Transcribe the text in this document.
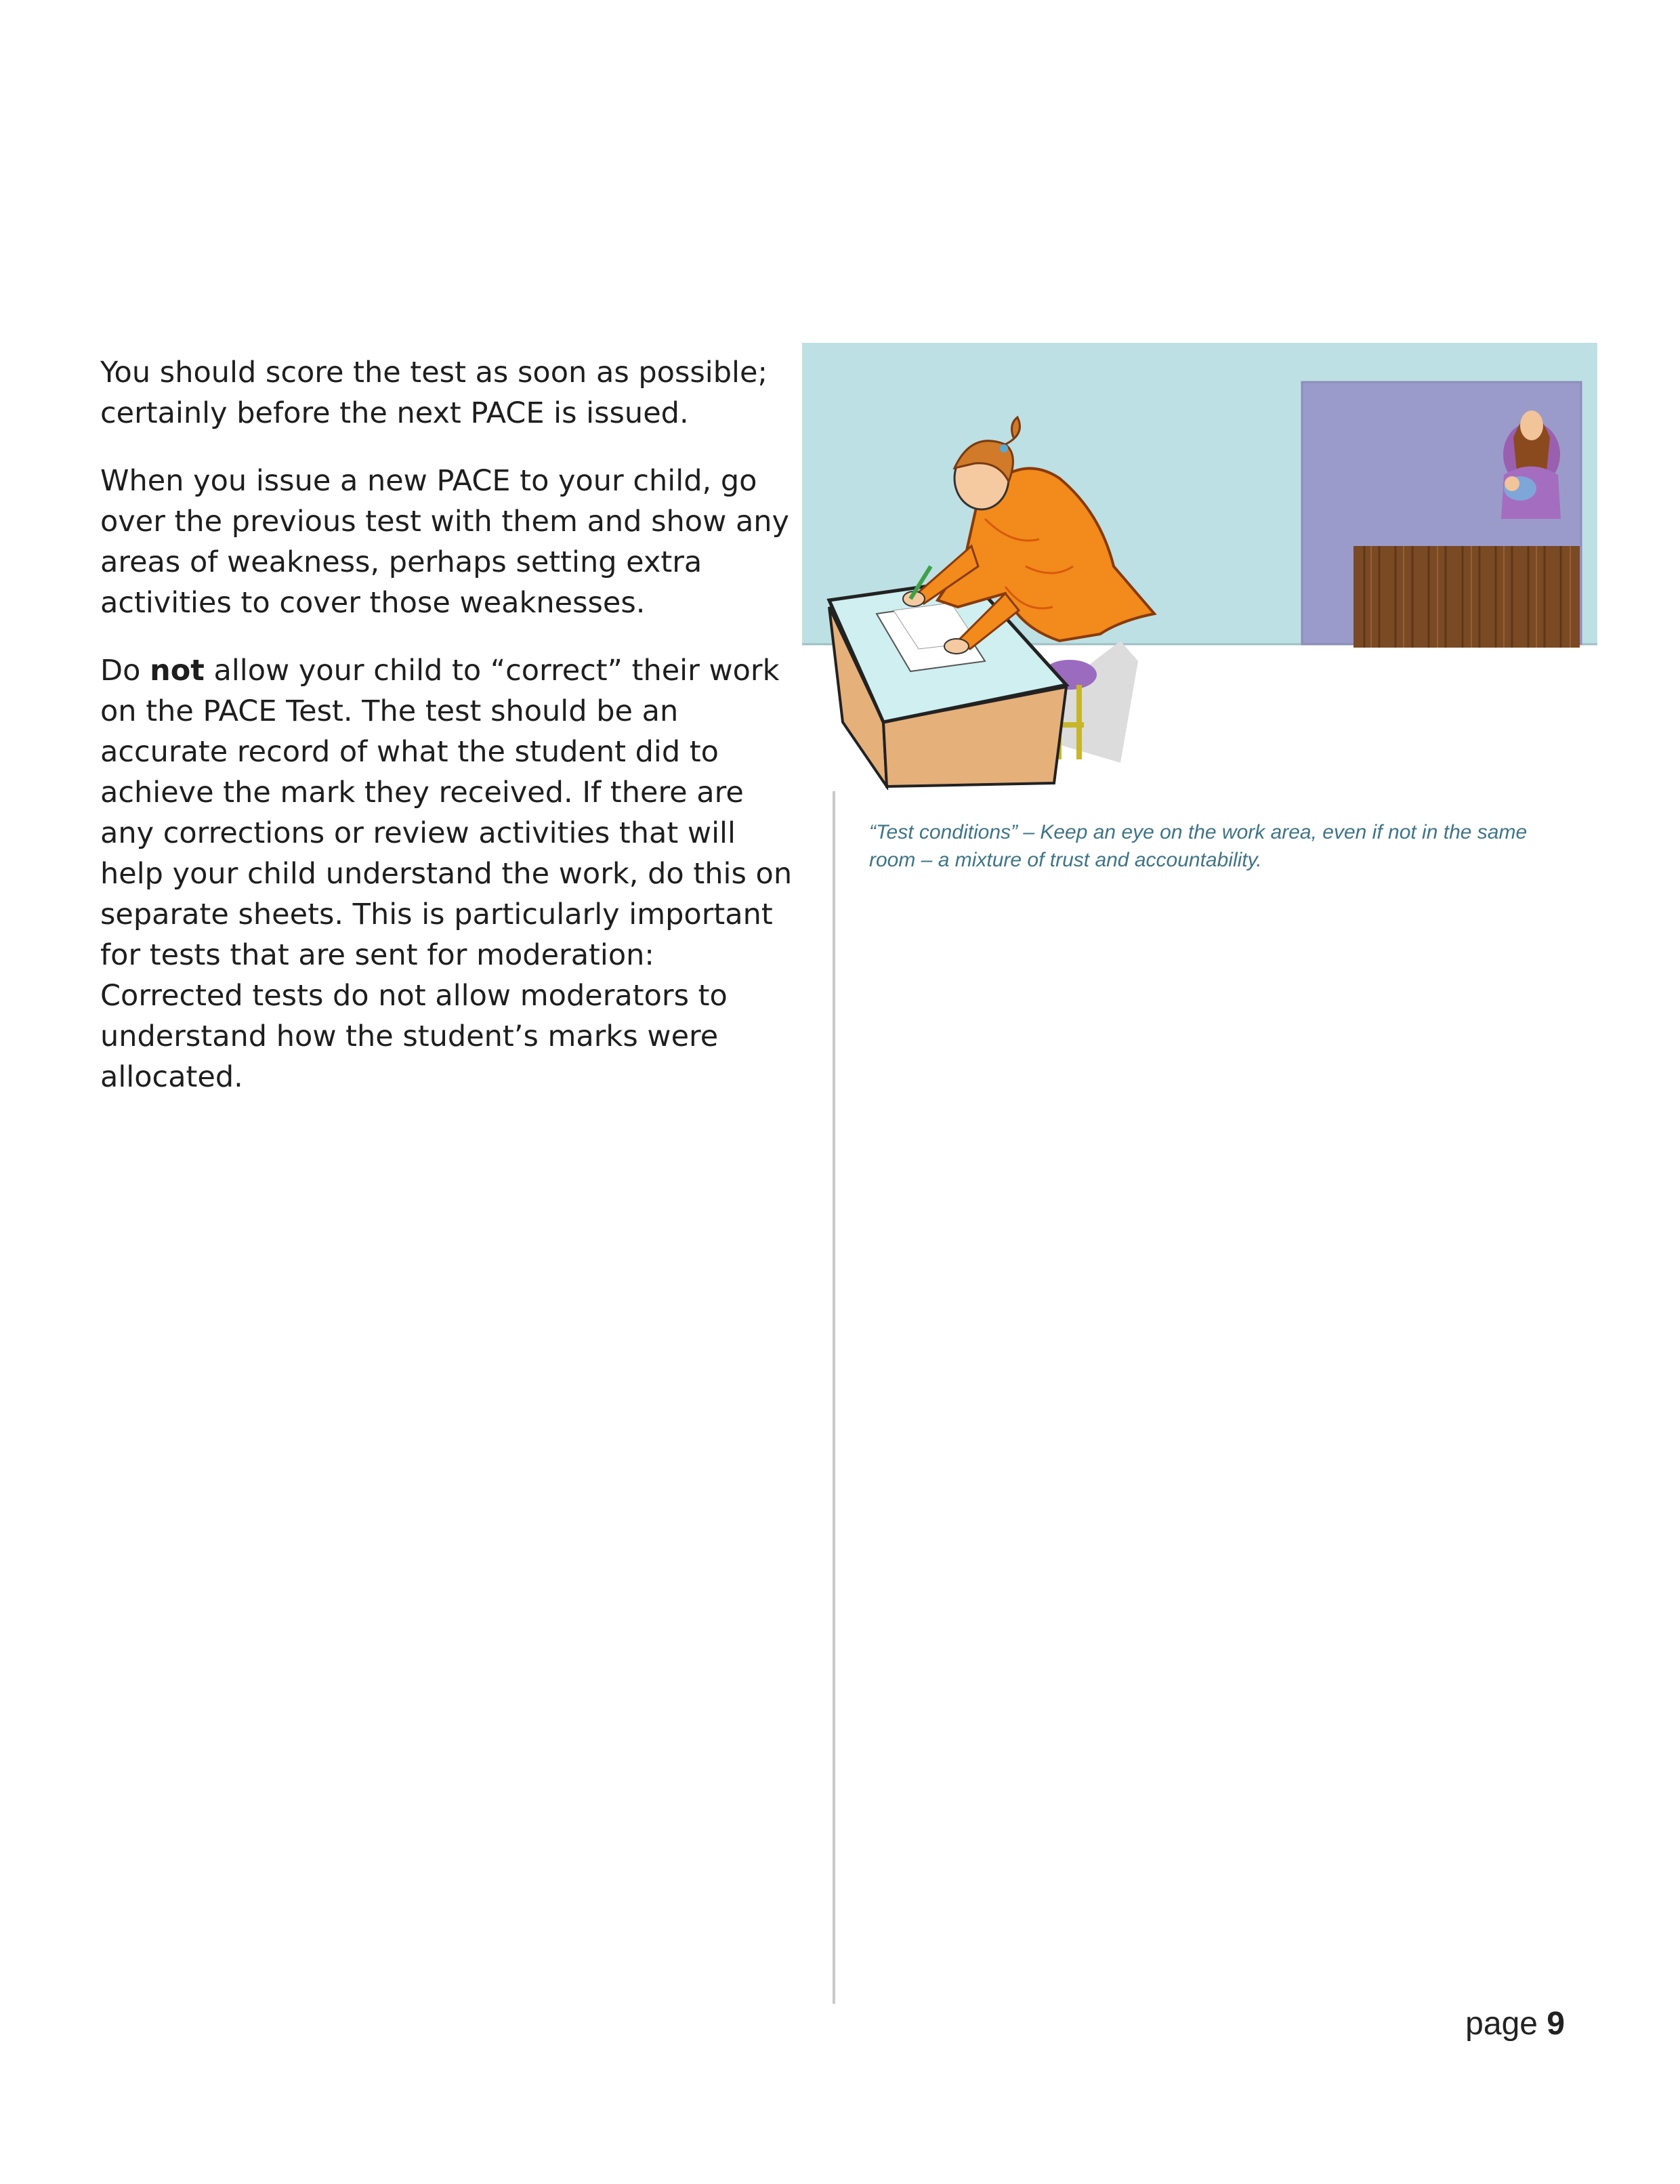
You should score the test as soon as possible; certainly before the next PACE is issued.

When you issue a new PACE to your child, go over the previous test with them and show any areas of weakness, perhaps setting extra activities to cover those weaknesses.

Do not allow your child to “correct” their work on the PACE Test. The test should be an accurate record of what the student did to achieve the mark they received. If there are any corrections or review activities that will help your child understand the work, do this on separate sheets. This is particularly important for tests that are sent for moderation: Corrected tests do not allow moderators to understand how the student’s marks were allocated.

“Test conditions” – Keep an eye on the work area, even if not in the same room – a mixture of trust and accountability.
page 9
